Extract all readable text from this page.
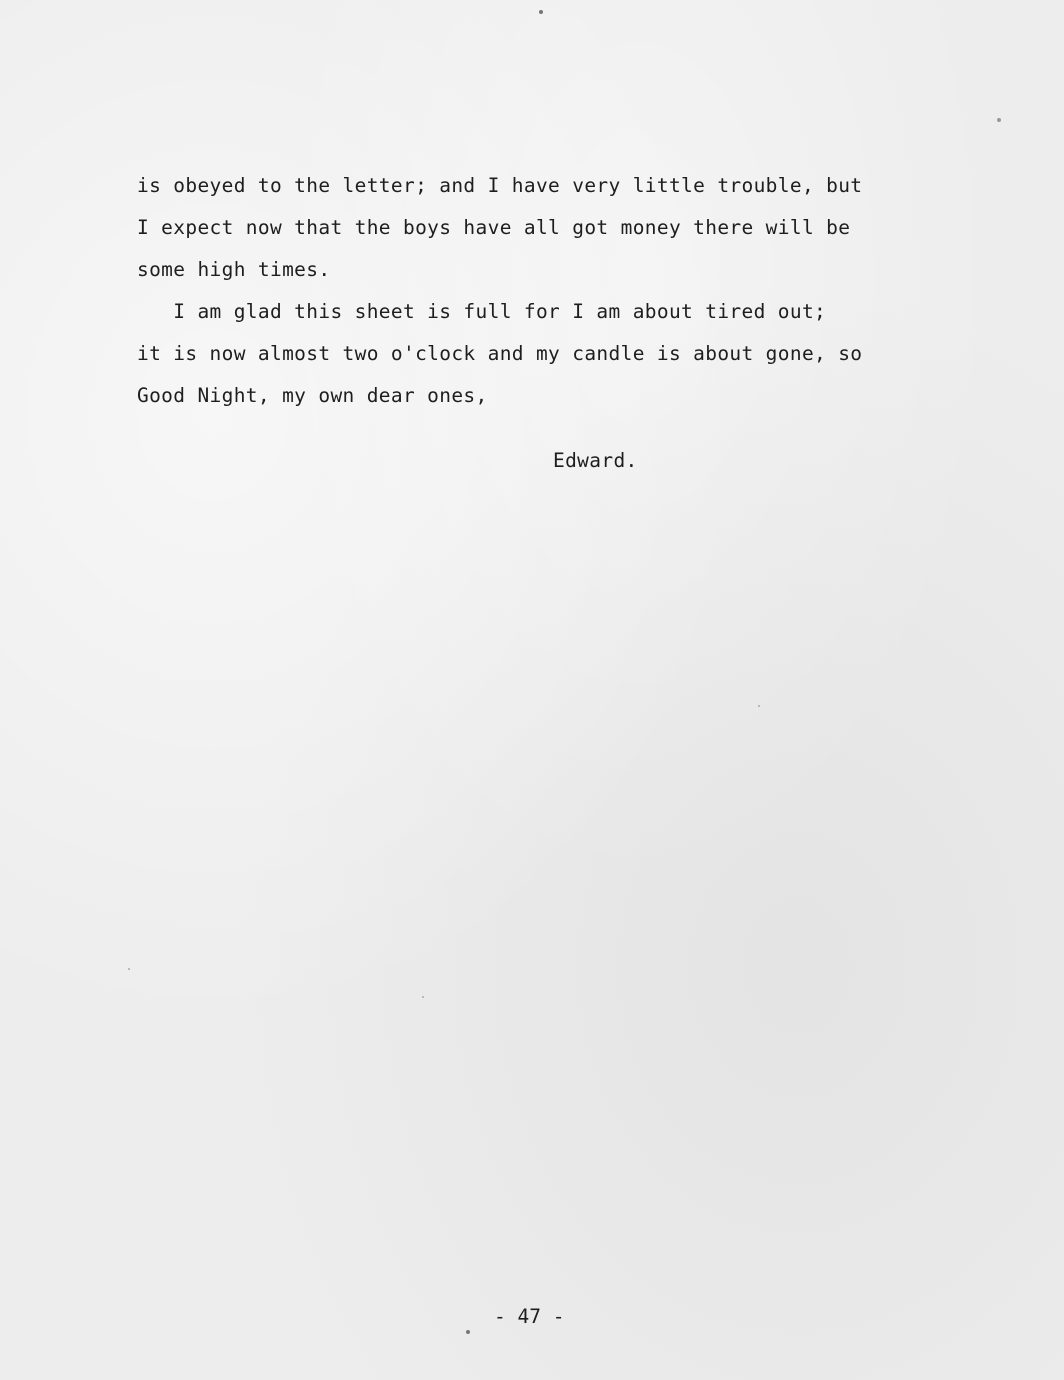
is obeyed to the letter; and I have very little trouble, but
I expect now that the boys have all got money there will be
some high times.
I am glad this sheet is full for I am about tired out;
it is now almost two o'clock and my candle is about gone, so
Good Night, my own dear ones,
Edward.
- 47 -
